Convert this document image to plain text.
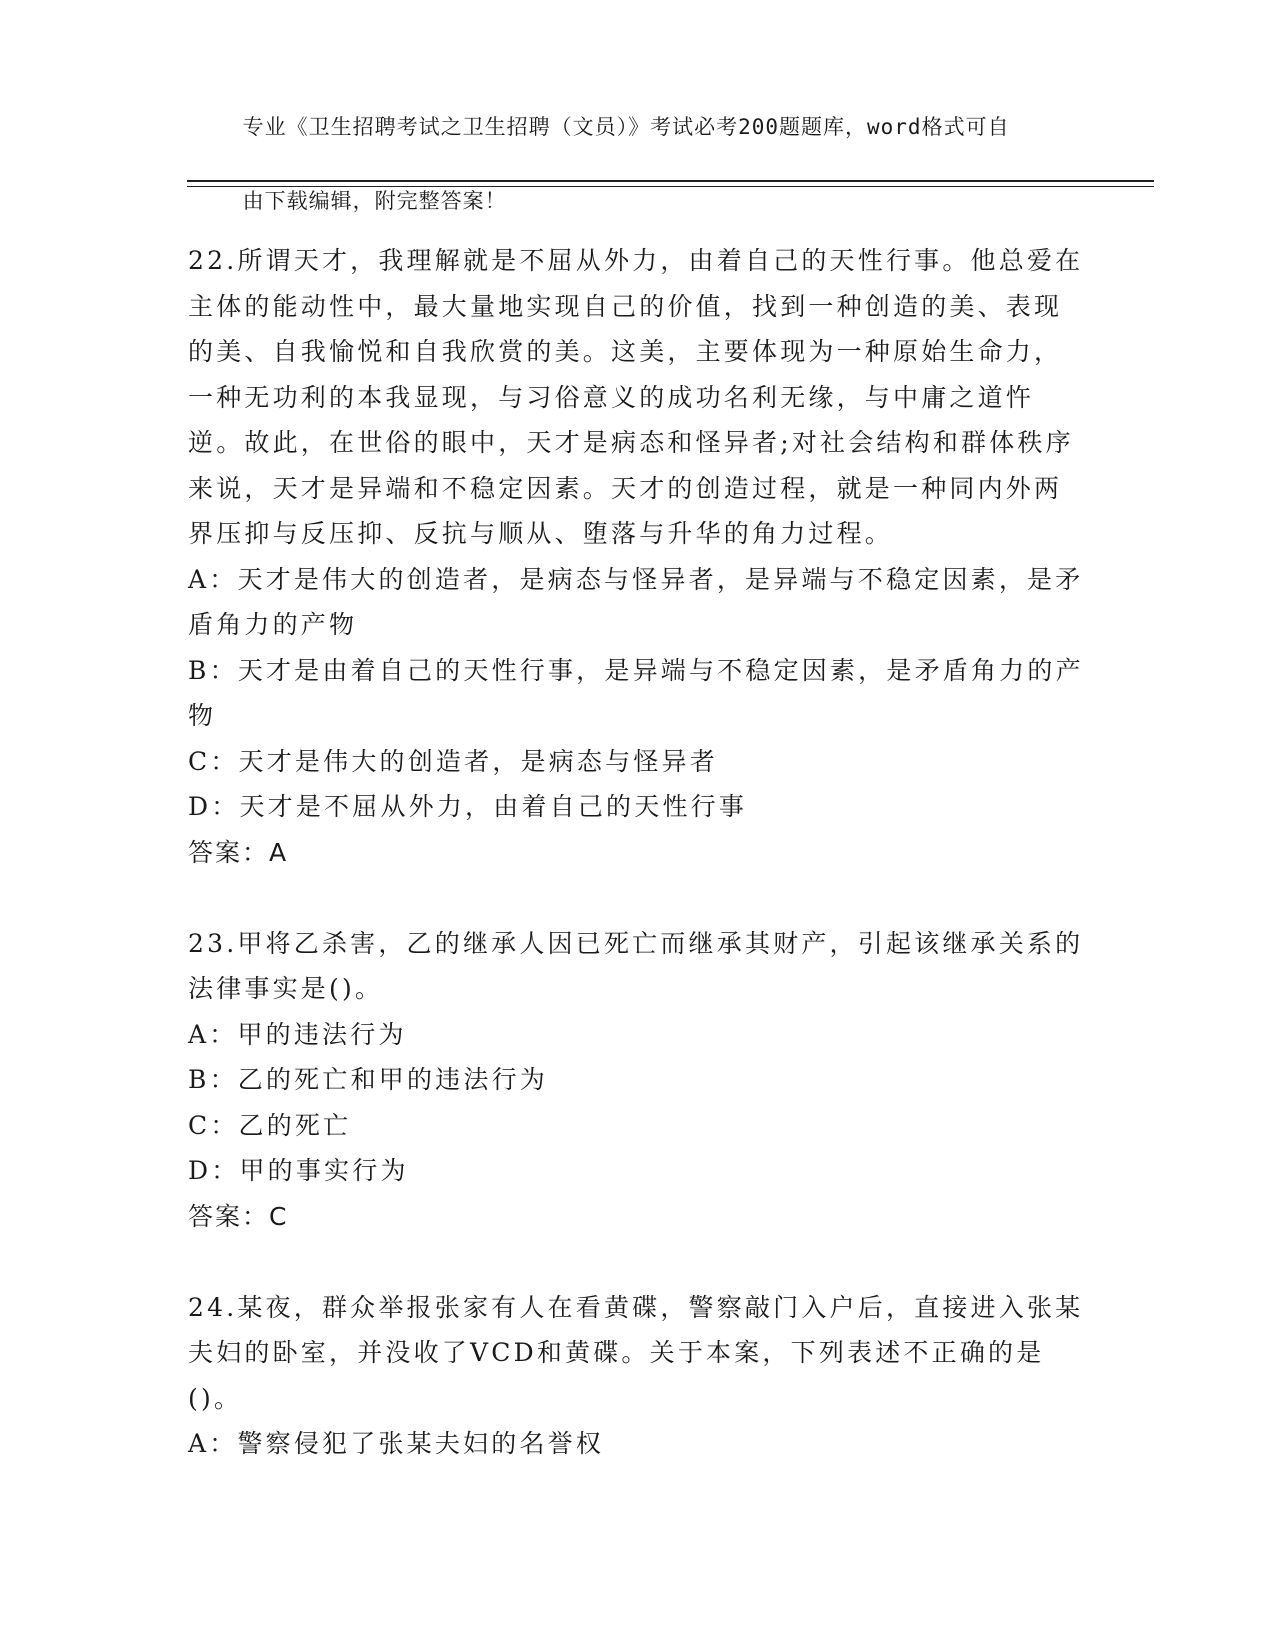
专业《卫生招聘考试之卫生招聘（文员）》考试必考200题题库，word格式可自

由下载编辑，附完整答案！

22.所谓天才，我理解就是不屈从外力，由着自己的天性行事。他总爱在主体的能动性中，最大量地实现自己的价值，找到一种创造的美、表现的美、自我愉悦和自我欣赏的美。这美，主要体现为一种原始生命力，一种无功利的本我显现，与习俗意义的成功名利无缘，与中庸之道忤逆。故此，在世俗的眼中，天才是病态和怪异者;对社会结构和群体秩序来说，天才是异端和不稳定因素。天才的创造过程，就是一种同内外两界压抑与反压抑、反抗与顺从、堕落与升华的角力过程。
A：天才是伟大的创造者，是病态与怪异者，是异端与不稳定因素，是矛盾角力的产物
B：天才是由着自己的天性行事，是异端与不稳定因素，是矛盾角力的产物
C：天才是伟大的创造者，是病态与怪异者
D：天才是不屈从外力，由着自己的天性行事
答案：A
23.甲将乙杀害，乙的继承人因已死亡而继承其财产，引起该继承关系的法律事实是()。
A：甲的违法行为
B：乙的死亡和甲的违法行为
C：乙的死亡
D：甲的事实行为
答案：C
24.某夜，群众举报张家有人在看黄碟，警察敲门入户后，直接进入张某夫妇的卧室，并没收了VCD和黄碟。关于本案，下列表述不正确的是()。
A：警察侵犯了张某夫妇的名誉权
